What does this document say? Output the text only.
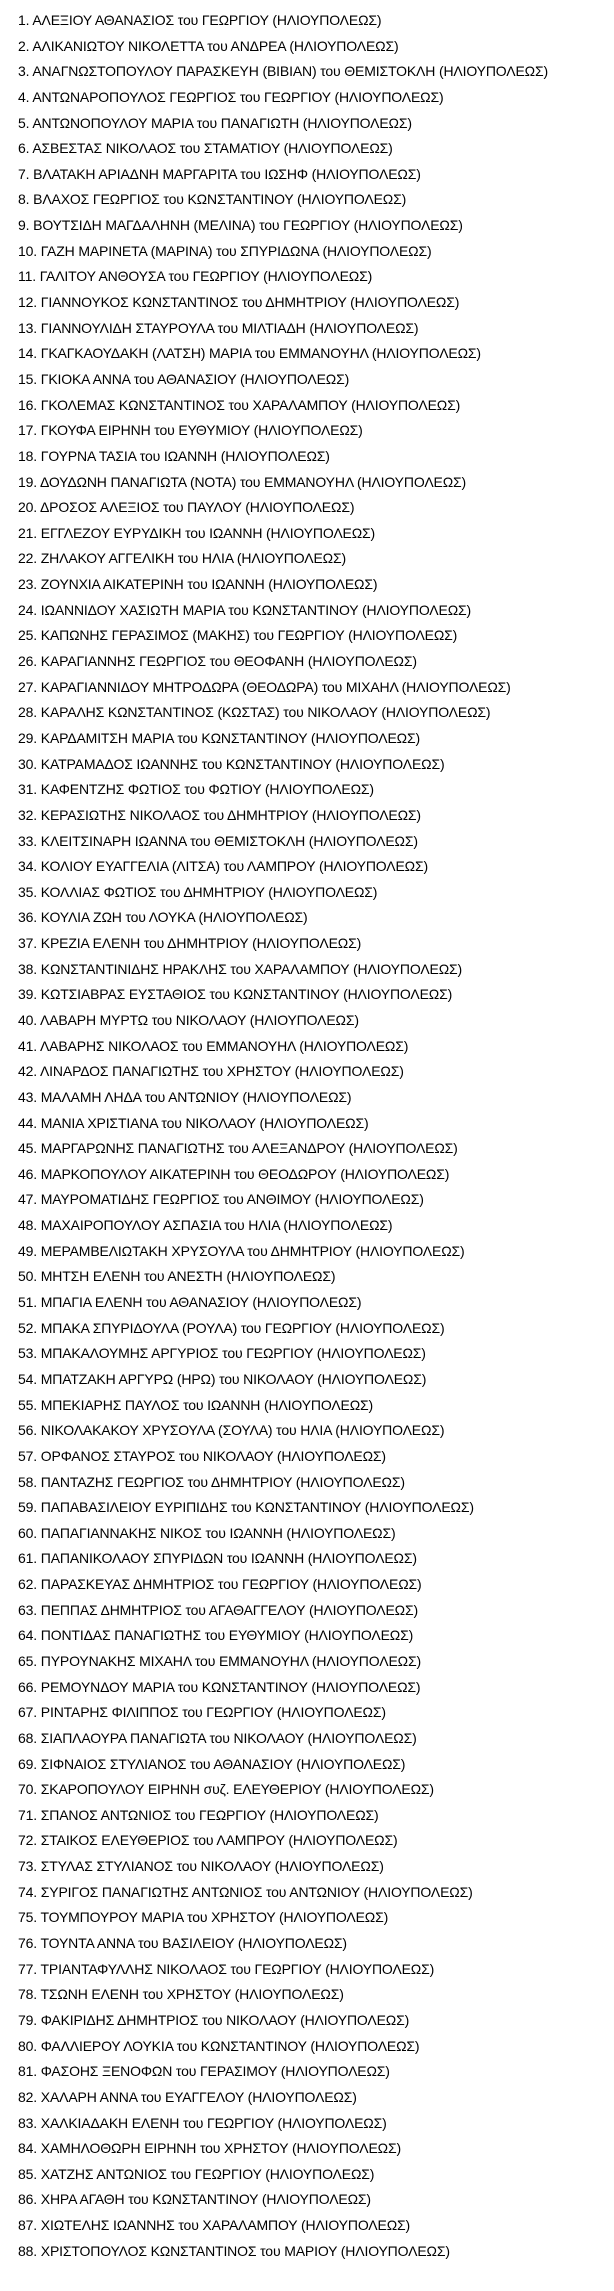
1. ΑΛΕΞΙΟΥ ΑΘΑΝΑΣΙΟΣ του ΓΕΩΡΓΙΟΥ (ΗΛΙΟΥΠΟΛΕΩΣ)
2. ΑΛΙΚΑΝΙΩΤΟΥ ΝΙΚΟΛΕΤΤΑ του ΑΝΔΡΕΑ (ΗΛΙΟΥΠΟΛΕΩΣ)
3. ΑΝΑΓΝΩΣΤΟΠΟΥΛΟΥ ΠΑΡΑΣΚΕΥΗ (ΒΙΒΙΑΝ) του ΘΕΜΙΣΤΟΚΛΗ (ΗΛΙΟΥΠΟΛΕΩΣ)
4. ΑΝΤΩΝΑΡΟΠΟΥΛΟΣ ΓΕΩΡΓΙΟΣ του ΓΕΩΡΓΙΟΥ (ΗΛΙΟΥΠΟΛΕΩΣ)
5. ΑΝΤΩΝΟΠΟΥΛΟΥ ΜΑΡΙΑ του ΠΑΝΑΓΙΩΤΗ (ΗΛΙΟΥΠΟΛΕΩΣ)
6. ΑΣΒΕΣΤΑΣ ΝΙΚΟΛΑΟΣ του ΣΤΑΜΑΤΙΟΥ (ΗΛΙΟΥΠΟΛΕΩΣ)
7. ΒΛΑΤΑΚΗ ΑΡΙΑΔΝΗ ΜΑΡΓΑΡΙΤΑ του ΙΩΣΗΦ (ΗΛΙΟΥΠΟΛΕΩΣ)
8. ΒΛΑΧΟΣ ΓΕΩΡΓΙΟΣ του ΚΩΝΣΤΑΝΤΙΝΟΥ (ΗΛΙΟΥΠΟΛΕΩΣ)
9. ΒΟΥΤΣΙΔΗ ΜΑΓΔΑΛΗΝΗ (ΜΕΛΙΝΑ) του ΓΕΩΡΓΙΟΥ (ΗΛΙΟΥΠΟΛΕΩΣ)
10. ΓΑΖΗ ΜΑΡΙΝΕΤΑ (ΜΑΡΙΝΑ) του ΣΠΥΡΙΔΩΝΑ (ΗΛΙΟΥΠΟΛΕΩΣ)
11. ΓΑΛΙΤΟΥ ΑΝΘΟΥΣΑ του ΓΕΩΡΓΙΟΥ (ΗΛΙΟΥΠΟΛΕΩΣ)
12. ΓΙΑΝΝΟΥΚΟΣ ΚΩΝΣΤΑΝΤΙΝΟΣ του ΔΗΜΗΤΡΙΟΥ (ΗΛΙΟΥΠΟΛΕΩΣ)
13. ΓΙΑΝΝΟΥΛΙΔΗ ΣΤΑΥΡΟΥΛΑ του ΜΙΛΤΙΑΔΗ (ΗΛΙΟΥΠΟΛΕΩΣ)
14. ΓΚΑΓΚΑΟΥΔΑΚΗ (ΛΑΤΣΗ) ΜΑΡΙΑ του ΕΜΜΑΝΟΥΗΛ (ΗΛΙΟΥΠΟΛΕΩΣ)
15. ΓΚΙΟΚΑ ΑΝΝΑ του ΑΘΑΝΑΣΙΟΥ (ΗΛΙΟΥΠΟΛΕΩΣ)
16. ΓΚΟΛΕΜΑΣ ΚΩΝΣΤΑΝΤΙΝΟΣ του ΧΑΡΑΛΑΜΠΟΥ (ΗΛΙΟΥΠΟΛΕΩΣ)
17. ΓΚΟΥΦΑ ΕΙΡΗΝΗ του ΕΥΘΥΜΙΟΥ (ΗΛΙΟΥΠΟΛΕΩΣ)
18. ΓΟΥΡΝΑ ΤΑΣΙΑ του ΙΩΑΝΝΗ (ΗΛΙΟΥΠΟΛΕΩΣ)
19. ΔΟΥΔΩΝΗ ΠΑΝΑΓΙΩΤΑ (ΝΟΤΑ) του ΕΜΜΑΝΟΥΗΛ (ΗΛΙΟΥΠΟΛΕΩΣ)
20. ΔΡΟΣΟΣ ΑΛΕΞΙΟΣ του ΠΑΥΛΟΥ (ΗΛΙΟΥΠΟΛΕΩΣ)
21. ΕΓΓΛΕΖΟΥ ΕΥΡΥΔΙΚΗ του ΙΩΑΝΝΗ (ΗΛΙΟΥΠΟΛΕΩΣ)
22. ΖΗΛΑΚΟΥ ΑΓΓΕΛΙΚΗ του ΗΛΙΑ (ΗΛΙΟΥΠΟΛΕΩΣ)
23. ΖΟΥΝΧΙΑ ΑΙΚΑΤΕΡΙΝΗ του ΙΩΑΝΝΗ (ΗΛΙΟΥΠΟΛΕΩΣ)
24. ΙΩΑΝΝΙΔΟΥ ΧΑΣΙΩΤΗ ΜΑΡΙΑ του ΚΩΝΣΤΑΝΤΙΝΟΥ (ΗΛΙΟΥΠΟΛΕΩΣ)
25. ΚΑΠΩΝΗΣ ΓΕΡΑΣΙΜΟΣ (ΜΑΚΗΣ) του ΓΕΩΡΓΙΟΥ (ΗΛΙΟΥΠΟΛΕΩΣ)
26. ΚΑΡΑΓΙΑΝΝΗΣ ΓΕΩΡΓΙΟΣ του ΘΕΟΦΑΝΗ (ΗΛΙΟΥΠΟΛΕΩΣ)
27. ΚΑΡΑΓΙΑΝΝΙΔΟΥ ΜΗΤΡΟΔΩΡΑ (ΘΕΟΔΩΡΑ) του ΜΙΧΑΗΛ (ΗΛΙΟΥΠΟΛΕΩΣ)
28. ΚΑΡΑΛΗΣ ΚΩΝΣΤΑΝΤΙΝΟΣ (ΚΩΣΤΑΣ) του ΝΙΚΟΛΑΟΥ (ΗΛΙΟΥΠΟΛΕΩΣ)
29. ΚΑΡΔΑΜΙΤΣΗ ΜΑΡΙΑ του ΚΩΝΣΤΑΝΤΙΝΟΥ (ΗΛΙΟΥΠΟΛΕΩΣ)
30. ΚΑΤΡΑΜΑΔΟΣ ΙΩΑΝΝΗΣ του ΚΩΝΣΤΑΝΤΙΝΟΥ (ΗΛΙΟΥΠΟΛΕΩΣ)
31. ΚΑΦΕΝΤΖΗΣ ΦΩΤΙΟΣ του ΦΩΤΙΟΥ (ΗΛΙΟΥΠΟΛΕΩΣ)
32. ΚΕΡΑΣΙΩΤΗΣ ΝΙΚΟΛΑΟΣ του ΔΗΜΗΤΡΙΟΥ (ΗΛΙΟΥΠΟΛΕΩΣ)
33. ΚΛΕΙΤΣΙΝΑΡΗ ΙΩΑΝΝΑ του ΘΕΜΙΣΤΟΚΛΗ (ΗΛΙΟΥΠΟΛΕΩΣ)
34. ΚΟΛΙΟΥ ΕΥΑΓΓΕΛΙΑ (ΛΙΤΣΑ) του ΛΑΜΠΡΟΥ (ΗΛΙΟΥΠΟΛΕΩΣ)
35. ΚΟΛΛΙΑΣ ΦΩΤΙΟΣ του ΔΗΜΗΤΡΙΟΥ (ΗΛΙΟΥΠΟΛΕΩΣ)
36. ΚΟΥΛΙΑ ΖΩΗ του ΛΟΥΚΑ (ΗΛΙΟΥΠΟΛΕΩΣ)
37. ΚΡΕΖΙΑ ΕΛΕΝΗ του ΔΗΜΗΤΡΙΟΥ (ΗΛΙΟΥΠΟΛΕΩΣ)
38. ΚΩΝΣΤΑΝΤΙΝΙΔΗΣ ΗΡΑΚΛΗΣ του ΧΑΡΑΛΑΜΠΟΥ (ΗΛΙΟΥΠΟΛΕΩΣ)
39. ΚΩΤΣΙΑΒΡΑΣ ΕΥΣΤΑΘΙΟΣ του ΚΩΝΣΤΑΝΤΙΝΟΥ (ΗΛΙΟΥΠΟΛΕΩΣ)
40. ΛΑΒΑΡΗ ΜΥΡΤΩ του ΝΙΚΟΛΑΟΥ (ΗΛΙΟΥΠΟΛΕΩΣ)
41. ΛΑΒΑΡΗΣ ΝΙΚΟΛΑΟΣ του ΕΜΜΑΝΟΥΗΛ (ΗΛΙΟΥΠΟΛΕΩΣ)
42. ΛΙΝΑΡΔΟΣ ΠΑΝΑΓΙΩΤΗΣ του ΧΡΗΣΤΟΥ (ΗΛΙΟΥΠΟΛΕΩΣ)
43. ΜΑΛΑΜΗ ΛΗΔΑ του ΑΝΤΩΝΙΟΥ (ΗΛΙΟΥΠΟΛΕΩΣ)
44. ΜΑΝΙΑ ΧΡΙΣΤΙΑΝΑ του ΝΙΚΟΛΑΟΥ (ΗΛΙΟΥΠΟΛΕΩΣ)
45. ΜΑΡΓΑΡΩΝΗΣ ΠΑΝΑΓΙΩΤΗΣ του ΑΛΕΞΑΝΔΡΟΥ (ΗΛΙΟΥΠΟΛΕΩΣ)
46. ΜΑΡΚΟΠΟΥΛΟΥ ΑΙΚΑΤΕΡΙΝΗ του ΘΕΟΔΩΡΟΥ (ΗΛΙΟΥΠΟΛΕΩΣ)
47. ΜΑΥΡΟΜΑΤΙΔΗΣ ΓΕΩΡΓΙΟΣ του ΑΝΘΙΜΟΥ (ΗΛΙΟΥΠΟΛΕΩΣ)
48. ΜΑΧΑΙΡΟΠΟΥΛΟΥ ΑΣΠΑΣΙΑ του ΗΛΙΑ (ΗΛΙΟΥΠΟΛΕΩΣ)
49. ΜΕΡΑΜΒΕΛΙΩΤΑΚΗ ΧΡΥΣΟΥΛΑ του ΔΗΜΗΤΡΙΟΥ (ΗΛΙΟΥΠΟΛΕΩΣ)
50. ΜΗΤΣΗ ΕΛΕΝΗ του ΑΝΕΣΤΗ (ΗΛΙΟΥΠΟΛΕΩΣ)
51. ΜΠΑΓΙΑ ΕΛΕΝΗ του ΑΘΑΝΑΣΙΟΥ (ΗΛΙΟΥΠΟΛΕΩΣ)
52. ΜΠΑΚΑ ΣΠΥΡΙΔΟΥΛΑ (ΡΟΥΛΑ) του ΓΕΩΡΓΙΟΥ (ΗΛΙΟΥΠΟΛΕΩΣ)
53. ΜΠΑΚΑΛΟΥΜΗΣ ΑΡΓΥΡΙΟΣ του ΓΕΩΡΓΙΟΥ (ΗΛΙΟΥΠΟΛΕΩΣ)
54. ΜΠΑΤΖΑΚΗ ΑΡΓΥΡΩ (ΗΡΩ) του ΝΙΚΟΛΑΟΥ (ΗΛΙΟΥΠΟΛΕΩΣ)
55. ΜΠΕΚΙΑΡΗΣ ΠΑΥΛΟΣ του ΙΩΑΝΝΗ (ΗΛΙΟΥΠΟΛΕΩΣ)
56. ΝΙΚΟΛΑΚΑΚΟΥ ΧΡΥΣΟΥΛΑ (ΣΟΥΛΑ) του ΗΛΙΑ (ΗΛΙΟΥΠΟΛΕΩΣ)
57. ΟΡΦΑΝΟΣ ΣΤΑΥΡΟΣ του ΝΙΚΟΛΑΟΥ (ΗΛΙΟΥΠΟΛΕΩΣ)
58. ΠΑΝΤΑΖΗΣ ΓΕΩΡΓΙΟΣ του ΔΗΜΗΤΡΙΟΥ (ΗΛΙΟΥΠΟΛΕΩΣ)
59. ΠΑΠΑΒΑΣΙΛΕΙΟΥ ΕΥΡΙΠΙΔΗΣ του ΚΩΝΣΤΑΝΤΙΝΟΥ (ΗΛΙΟΥΠΟΛΕΩΣ)
60. ΠΑΠΑΓΙΑΝΝΑΚΗΣ ΝΙΚΟΣ του ΙΩΑΝΝΗ (ΗΛΙΟΥΠΟΛΕΩΣ)
61. ΠΑΠΑΝΙΚΟΛΑΟΥ ΣΠΥΡΙΔΩΝ του ΙΩΑΝΝΗ (ΗΛΙΟΥΠΟΛΕΩΣ)
62. ΠΑΡΑΣΚΕΥΑΣ ΔΗΜΗΤΡΙΟΣ του ΓΕΩΡΓΙΟΥ (ΗΛΙΟΥΠΟΛΕΩΣ)
63. ΠΕΠΠΑΣ ΔΗΜΗΤΡΙΟΣ του ΑΓΑΘΑΓΓΕΛΟΥ (ΗΛΙΟΥΠΟΛΕΩΣ)
64. ΠΟΝΤΙΔΑΣ ΠΑΝΑΓΙΩΤΗΣ του ΕΥΘΥΜΙΟΥ (ΗΛΙΟΥΠΟΛΕΩΣ)
65. ΠΥΡΟΥΝΑΚΗΣ ΜΙΧΑΗΛ του ΕΜΜΑΝΟΥΗΛ (ΗΛΙΟΥΠΟΛΕΩΣ)
66. ΡΕΜΟΥΝΔΟΥ ΜΑΡΙΑ του ΚΩΝΣΤΑΝΤΙΝΟΥ (ΗΛΙΟΥΠΟΛΕΩΣ)
67. ΡΙΝΤΑΡΗΣ ΦΙΛΙΠΠΟΣ του ΓΕΩΡΓΙΟΥ (ΗΛΙΟΥΠΟΛΕΩΣ)
68. ΣΙΑΠΛΑΟΥΡΑ ΠΑΝΑΓΙΩΤΑ του ΝΙΚΟΛΑΟΥ (ΗΛΙΟΥΠΟΛΕΩΣ)
69. ΣΙΦΝΑΙΟΣ ΣΤΥΛΙΑΝΟΣ του ΑΘΑΝΑΣΙΟΥ (ΗΛΙΟΥΠΟΛΕΩΣ)
70. ΣΚΑΡΟΠΟΥΛΟΥ ΕΙΡΗΝΗ συζ. ΕΛΕΥΘΕΡΙΟΥ (ΗΛΙΟΥΠΟΛΕΩΣ)
71. ΣΠΑΝΟΣ ΑΝΤΩΝΙΟΣ του ΓΕΩΡΓΙΟΥ (ΗΛΙΟΥΠΟΛΕΩΣ)
72. ΣΤΑΙΚΟΣ ΕΛΕΥΘΕΡΙΟΣ του ΛΑΜΠΡΟΥ (ΗΛΙΟΥΠΟΛΕΩΣ)
73. ΣΤΥΛΑΣ ΣΤΥΛΙΑΝΟΣ του ΝΙΚΟΛΑΟΥ (ΗΛΙΟΥΠΟΛΕΩΣ)
74. ΣΥΡΙΓΟΣ ΠΑΝΑΓΙΩΤΗΣ ΑΝΤΩΝΙΟΣ του ΑΝΤΩΝΙΟΥ (ΗΛΙΟΥΠΟΛΕΩΣ)
75. ΤΟΥΜΠΟΥΡΟΥ ΜΑΡΙΑ του ΧΡΗΣΤΟΥ (ΗΛΙΟΥΠΟΛΕΩΣ)
76. ΤΟΥΝΤΑ ΑΝΝΑ του ΒΑΣΙΛΕΙΟΥ (ΗΛΙΟΥΠΟΛΕΩΣ)
77. ΤΡΙΑΝΤΑΦΥΛΛΗΣ ΝΙΚΟΛΑΟΣ του ΓΕΩΡΓΙΟΥ (ΗΛΙΟΥΠΟΛΕΩΣ)
78. ΤΣΩΝΗ ΕΛΕΝΗ του ΧΡΗΣΤΟΥ (ΗΛΙΟΥΠΟΛΕΩΣ)
79. ΦΑΚΙΡΙΔΗΣ ΔΗΜΗΤΡΙΟΣ του ΝΙΚΟΛΑΟΥ (ΗΛΙΟΥΠΟΛΕΩΣ)
80. ΦΑΛΛΙΕΡΟΥ ΛΟΥΚΙΑ του ΚΩΝΣΤΑΝΤΙΝΟΥ (ΗΛΙΟΥΠΟΛΕΩΣ)
81. ΦΑΣΟΗΣ ΞΕΝΟΦΩΝ του ΓΕΡΑΣΙΜΟΥ (ΗΛΙΟΥΠΟΛΕΩΣ)
82. ΧΑΛΑΡΗ ΑΝΝΑ του ΕΥΑΓΓΕΛΟΥ (ΗΛΙΟΥΠΟΛΕΩΣ)
83. ΧΑΛΚΙΑΔΑΚΗ ΕΛΕΝΗ του ΓΕΩΡΓΙΟΥ (ΗΛΙΟΥΠΟΛΕΩΣ)
84. ΧΑΜΗΛΟΘΩΡΗ ΕΙΡΗΝΗ του ΧΡΗΣΤΟΥ (ΗΛΙΟΥΠΟΛΕΩΣ)
85. ΧΑΤΖΗΣ ΑΝΤΩΝΙΟΣ του ΓΕΩΡΓΙΟΥ (ΗΛΙΟΥΠΟΛΕΩΣ)
86. ΧΗΡΑ ΑΓΑΘΗ του ΚΩΝΣΤΑΝΤΙΝΟΥ (ΗΛΙΟΥΠΟΛΕΩΣ)
87. ΧΙΩΤΕΛΗΣ ΙΩΑΝΝΗΣ του ΧΑΡΑΛΑΜΠΟΥ (ΗΛΙΟΥΠΟΛΕΩΣ)
88. ΧΡΙΣΤΟΠΟΥΛΟΣ ΚΩΝΣΤΑΝΤΙΝΟΣ του ΜΑΡΙΟΥ (ΗΛΙΟΥΠΟΛΕΩΣ)
